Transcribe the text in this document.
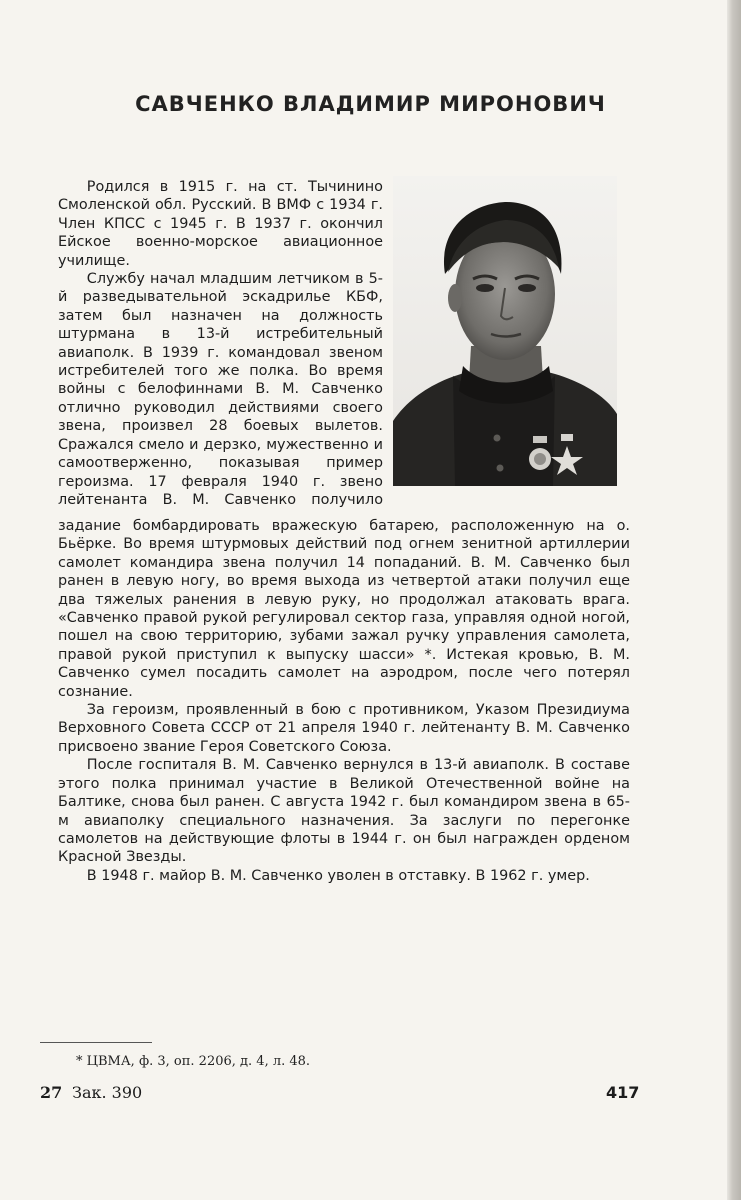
САВЧЕНКО ВЛАДИМИР МИРОНОВИЧ

Родился в 1915 г. на ст. Тычинино Смоленской обл. Русский. В ВМФ с 1934 г. Член КПСС с 1945 г. В 1937 г. окончил Ейское военно-морское авиационное училище.

Службу начал младшим летчиком в 5-й разведывательной эскадрилье КБФ, затем был назначен на должность штурмана в 13-й истребительный авиаполк. В 1939 г. командовал звеном истребителей того же полка. Во время войны с белофиннами В. М. Савченко отлично руководил действиями своего звена, произвел 28 боевых вылетов. Сражался смело и дерзко, мужественно и самоотверженно, показывая пример героизма. 17 февраля 1940 г. звено лейтенанта В. М. Савченко получило

задание бомбардировать вражескую батарею, расположенную на о. Бьёрке. Во время штурмовых действий под огнем зенитной артиллерии самолет командира звена получил 14 попаданий. В. М. Савченко был ранен в левую ногу, во время выхода из четвертой атаки получил еще два тяжелых ранения в левую руку, но продолжал атаковать врага. «Савченко правой рукой регулировал сектор газа, управляя одной ногой, пошел на свою территорию, зубами зажал ручку управления самолета, правой рукой приступил к выпуску шасси» *. Истекая кровью, В. М. Савченко сумел посадить самолет на аэродром, после чего потерял сознание.

За героизм, проявленный в бою с противником, Указом Президиума Верховного Совета СССР от 21 апреля 1940 г. лейтенанту В. М. Савченко присвоено звание Героя Советского Союза.

После госпиталя В. М. Савченко вернулся в 13-й авиаполк. В составе этого полка принимал участие в Великой Отечественной войне на Балтике, снова был ранен. С августа 1942 г. был командиром звена в 65-м авиаполку специального назначения. За заслуги по перегонке самолетов на действующие флоты в 1944 г. он был награжден орденом Красной Звезды.

В 1948 г. майор В. М. Савченко уволен в отставку. В 1962 г. умер.

* ЦВМА, ф. 3, оп. 2206, д. 4, л. 48.
27 Зак. 390	417
